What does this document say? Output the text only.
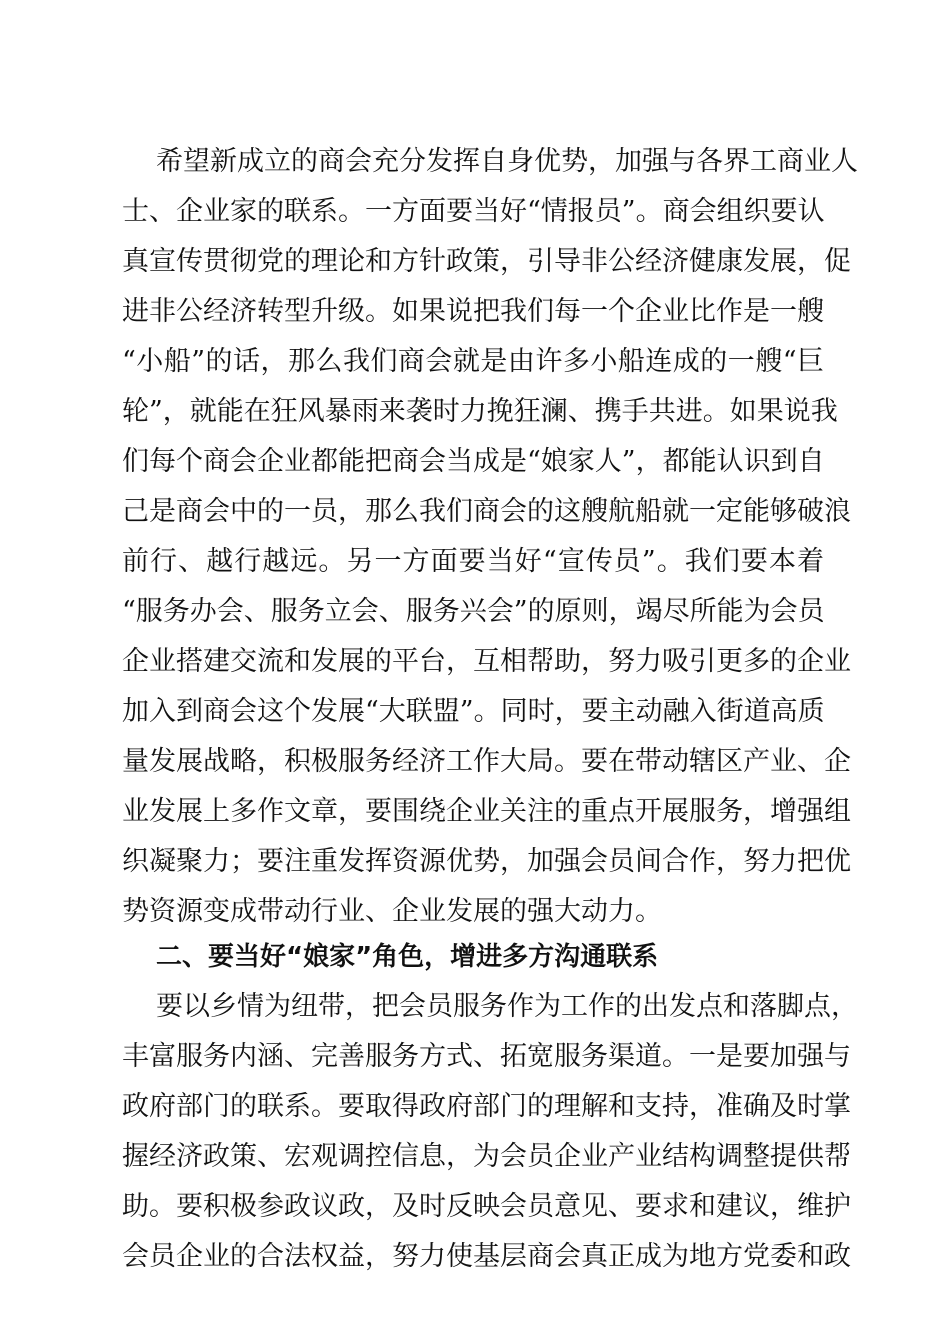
希望新成立的商会充分发挥自身优势，加强与各界工商业人
士、企业家的联系。一方面要当好“情报员”。商会组织要认
真宣传贯彻党的理论和方针政策，引导非公经济健康发展，促
进非公经济转型升级。如果说把我们每一个企业比作是一艘
“小船”的话，那么我们商会就是由许多小船连成的一艘“巨
轮”，就能在狂风暴雨来袭时力挽狂澜、携手共进。如果说我
们每个商会企业都能把商会当成是“娘家人”，都能认识到自
己是商会中的一员，那么我们商会的这艘航船就一定能够破浪
前行、越行越远。另一方面要当好“宣传员”。我们要本着
“服务办会、服务立会、服务兴会”的原则，竭尽所能为会员
企业搭建交流和发展的平台，互相帮助，努力吸引更多的企业
加入到商会这个发展“大联盟”。同时，要主动融入街道高质
量发展战略，积极服务经济工作大局。要在带动辖区产业、企
业发展上多作文章，要围绕企业关注的重点开展服务，增强组
织凝聚力；要注重发挥资源优势，加强会员间合作，努力把优
势资源变成带动行业、企业发展的强大动力。
二、要当好“娘家”角色，增进多方沟通联系
要以乡情为纽带，把会员服务作为工作的出发点和落脚点，
丰富服务内涵、完善服务方式、拓宽服务渠道。一是要加强与
政府部门的联系。要取得政府部门的理解和支持，准确及时掌
握经济政策、宏观调控信息，为会员企业产业结构调整提供帮
助。要积极参政议政，及时反映会员意见、要求和建议，维护
会员企业的合法权益，努力使基层商会真正成为地方党委和政
